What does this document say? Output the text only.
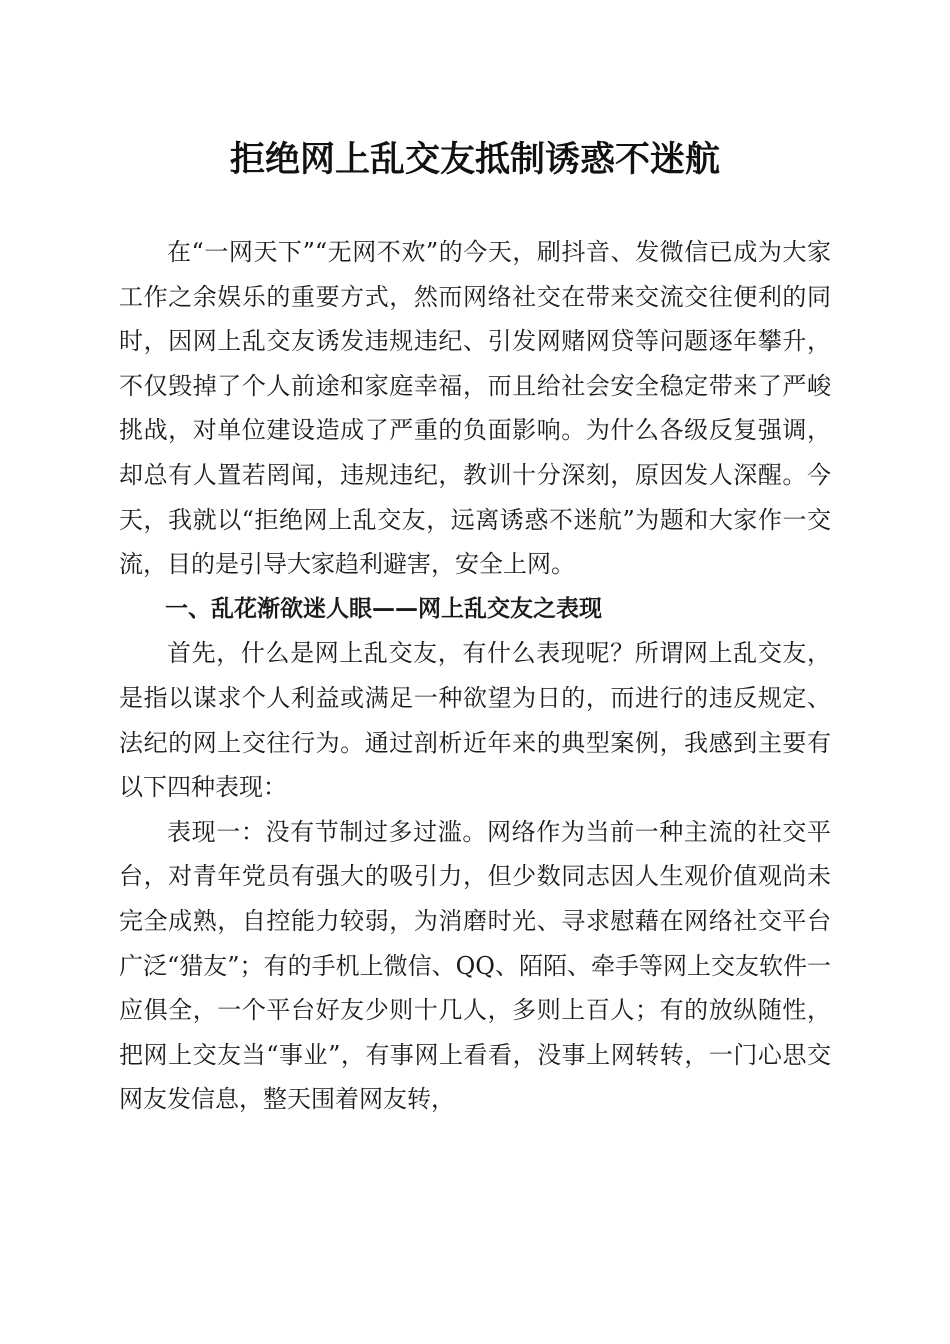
拒绝网上乱交友抵制诱惑不迷航

在“一网天下”“无网不欢”的今天，刷抖音、发微信已成为大家工作之余娱乐的重要方式，然而网络社交在带来交流交往便利的同时，因网上乱交友诱发违规违纪、引发网赌网贷等问题逐年攀升，不仅毁掉了个人前途和家庭幸福，而且给社会安全稳定带来了严峻挑战，对单位建设造成了严重的负面影响。为什么各级反复强调，却总有人置若罔闻，违规违纪，教训十分深刻，原因发人深醒。今天，我就以“拒绝网上乱交友，远离诱惑不迷航”为题和大家作一交流，目的是引导大家趋利避害，安全上网。

一、乱花渐欲迷人眼——网上乱交友之表现

首先，什么是网上乱交友，有什么表现呢？所谓网上乱交友，是指以谋求个人利益或满足一种欲望为日的，而进行的违反规定、法纪的网上交往行为。通过剖析近年来的典型案例，我感到主要有以下四种表现：

表现一：没有节制过多过滥。网络作为当前一种主流的社交平台，对青年党员有强大的吸引力，但少数同志因人生观价值观尚未完全成熟，自控能力较弱，为消磨时光、寻求慰藉在网络社交平台广泛“猎友”；有的手机上微信、QQ、陌陌、牵手等网上交友软件一应俱全，一个平台好友少则十几人，多则上百人；有的放纵随性，把网上交友当“事业”，有事网上看看，没事上网转转，一门心思交网友发信息，整天围着网友转，
